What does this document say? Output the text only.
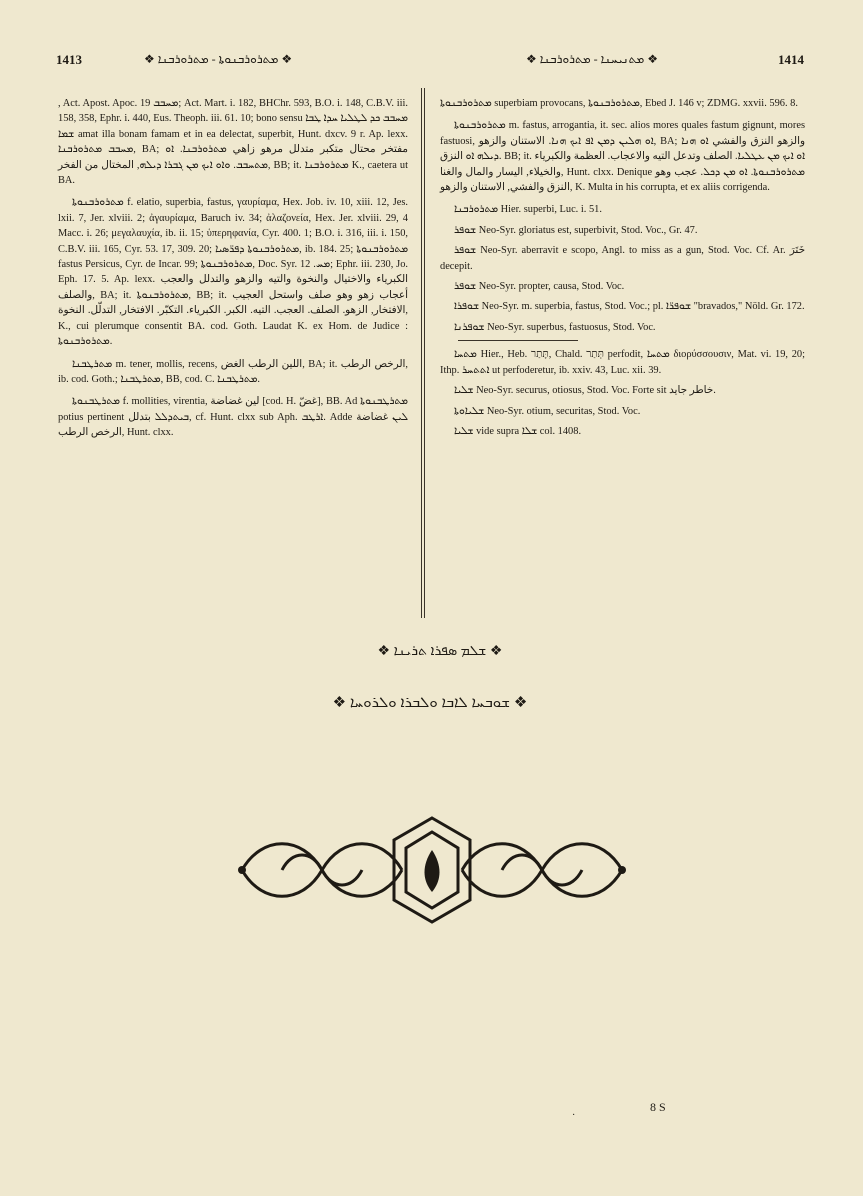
1413	❖ ܡܬܪܘܪܒܢܘܬܐ - ܡܬܪܘܪܒܢܐ ❖	❖ ܡܬܢܝܚܢܐ - ܡܬܪܘܪܒܢܐ ❖	1414

, Act. Apost. Apoc. ܡܚܒܒ 19; Act. Mart. i. 182, BHChr. 593, B.O. i. 148, C.B.V. iii. 158, 358, Ephr. i. 440, Eus. Theoph. iii. 61. 10; bono sensu ܡܚܒܒ ܟܕ ܠܛܠܝܐ ܚܕܐ ܛܒܐ ܫܡܐ amat illa bonam famam et in ea delectat, superbit, Hunt. dxcv. 9 r. Ap. lexx. ܡܚܒܒ ܡܬܪܘܪܒܢܐ, BA; مفتخر محتال متكبر متدلل مرهو زاهي ܡܬܪܘܪܒܢܐ. ܐܘ ܡܬܚܒܒ. ܘܐܘ ܐܝܟ ܡܢ ܓܒܪܐ ܕܝܠܗ, المختال من الفخر, BB; it. ܡܬܪܘܪܒܢܐ K., caetera ut BA.

ܡܬܪܘܪܒܢܘܬܐ f. elatio, superbia, fastus, γαυρίαμα, Hex. Job. iv. 10, xiii. 12, Jes. lxii. 7, Jer. xlviii. 2; ἀγαυρίαμα, Baruch iv. 34; ἀλαζονεία, Hex. Jer. xlviii. 29, 4 Macc. i. 26; μεγαλαυχία, ib. ii. 15; ὑπερηφανία, Cyr. 400. 1; B.O. i. 316, iii. i. 150, C.B.V. iii. 165, Cyr. 53. 17, 309. 20; ܡܬܪܘܪܒܢܘܬܐ ܕܦܪ̈ܣܝܐ, ib. 184. 25; ܡܬܪܘܪܒܢܘܬܐ fastus Persicus, Cyr. de Incar. 99; ܡܬܪܘܪܒܢܘܬܐ, Doc. Syr. ܡܚ. 12; Ephr. iii. 230, Jo. Eph. 17. 5. Ap. lexx. الكبرياء والاختيال والنخوة والتيه والزهو والتدلل والعجب والصلف, BA; it. ܡܬܪܘܪܒܢܘܬܐ, BB; it. أعجاب زهو وهو صلف واستحل العجيب الافتخار, الزهو. الصلف. العجب. التيه. الكبر. الكبرياء. التكبّر. الافتخار, التدلّل. النخوة, K., cui plerumque consentit BA. cod. Goth. Laudat K. ex Hom. de Judice : ܡܬܪܘܪܒܢܘܬܐ.

ܡܬܪܛܒܢܐ m. tener, mollis, recens, اللين الرطب الغض, BA; it. الرخص الرطب, ib. cod. Goth.; ܡܬܪܛܒܢܐ, BB, cod. C. ܡܬܪܛܒܢܐ.

ܡܬܪܛܒܢܘܬܐ f. mollities, virentia, لين غضاضة [cod. H. غضّ], BB. Ad ܡܬܪܛܒܢܘܬܐ potius pertinent ܒܝܬܕܠܠ بتدلل, cf. Hunt. clxx sub Aph. ܐܪܛܒ. Adde ܠܝܢ غضاضة الرخص الرطب, Hunt. clxx.

ܡܬܪܘܪܒܢܘܬܐ superbiam provocans, ܡܬܪܘܪܒܢܘܬܐ, Ebed J. 146 v; ZDMG. xxvii. 596. 8.

ܡܬܪܘܪܒܢܘܬܐ m. fastus, arrogantia, it. sec. alios mores quales fastum gignunt, mores fastuosi, ܐܘ ܗܠܝܢ ܕܡܢ ܐܦ ܐܝܟ ܗܢܐ. الاستنان والزهو, BA; والزهو النزق والفشي ܐܘ ܗܢܐ ܕܝܠܗ ܐܘ النزق. BB; it. ܐܘ ܐܝܟ ܡܢ ܥܛܠܝܐ. الصلف وتدعل التيه والاعجاب. العظمة والكبرياء والخيلاء, اليسار والمال والغنا, Hunt. clxx. Denique ܡܬܪܘܪܒܢܘܬܐ. ܐܘ ܡܢ ܕܟܠ. عجب وهو النزق والفشي, الاستنان والزهو, K. Multa in his corrupta, et ex aliis corrigenda.

ܡܬܪܘܪܒܢܐ Hier. superbi, Luc. i. 51.

ܫܘܦܪ Neo-Syr. gloriatus est, superbivit, Stod. Voc., Gr. 47.

ܫܘܦܪ Neo-Syr. aberravit e scopo, Angl. to miss as a gun, Stod. Voc. Cf. Ar. خَتَرَ decepit.

ܫܘܦܪ Neo-Syr. propter, causa, Stod. Voc.

ܫܘܦܪܐ Neo-Syr. m. superbia, fastus, Stod. Voc.; pl. ܫܘܦܪ̈ܐ "bravados," Nöld. Gr. 172.

ܫܘܦܪܢܐ Neo-Syr. superbus, fastuosus, Stod. Voc.

ܡܬܚܐ Hier., Heb. תָּתַר, Chald. תְּתַר perfodit, ܡܬܚܐ διορύσσουσιν, Mat. vi. 19, 20; Ithp. ܐܬܬܚܪ ut perfoderetur, ib. xxiv. 43, Luc. xii. 39.

ܫܠܝܐ Neo-Syr. securus, otiosus, Stod. Voc. Forte sit خاطر جايد.

ܫܠܝܐܘܬܐ Neo-Syr. otium, securitas, Stod. Voc.

ܫܠܝܐ vide supra ܫܠܐ col. 1408.

❖ ܫܠܡ ܣܦܪܐ ܬܪܝܢܐ ❖
❖ ܫܘܒܚܐ ܠܐܒܐ ܘܠܒܪܐ ܘܠܪܘܚܐ ❖
·
8 S
